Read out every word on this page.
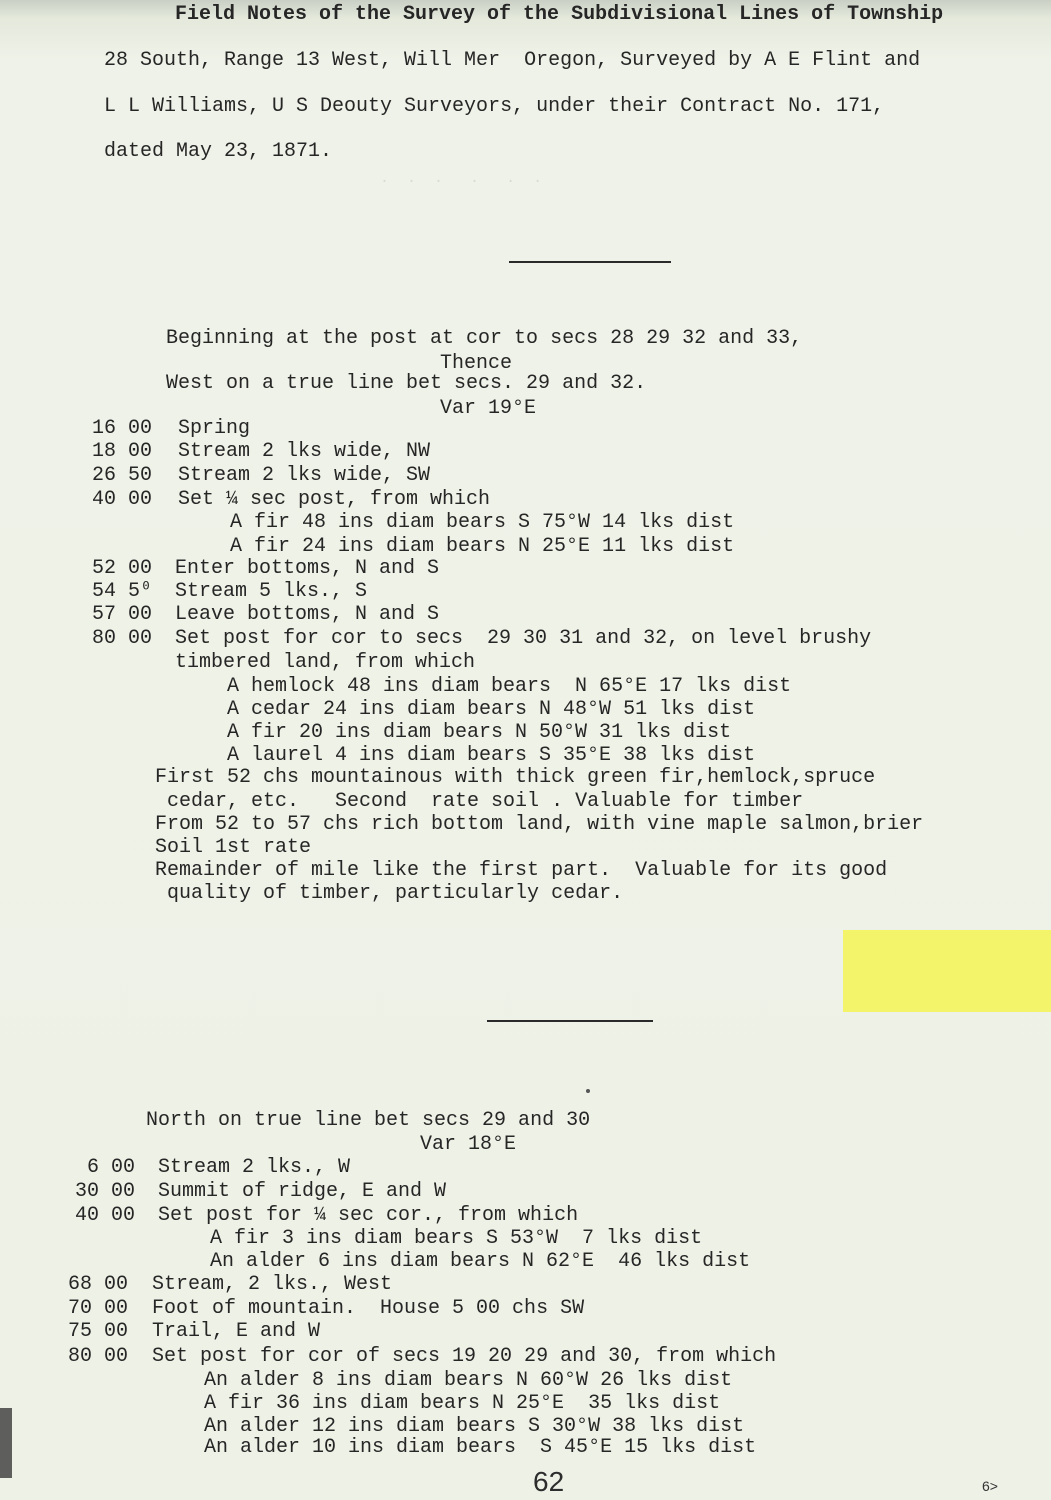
.  .  .   .   .  .
Field Notes of the Survey of the Subdivisional Lines of Township
28 South, Range 13 West, Will Mer  Oregon, Surveyed by A E Flint and
L L Williams, U S Deouty Surveyors, under their Contract No. 171,
dated May 23, 1871.
Beginning at the post at cor to secs 28 29 32 and 33,
Thence
West on a true line bet secs. 29 and 32.
Var 19°E
16 00 Spring
18 00 Stream 2 lks wide, NW
26 50 Stream 2 lks wide, SW
40 00 Set ¼ sec post, from which
A fir 48 ins diam bears S 75°W 14 lks dist
A fir 24 ins diam bears N 25°E 11 lks dist
52 00 Enter bottoms, N and S
54 5⁰ Stream 5 lks., S
57 00 Leave bottoms, N and S
80 00 Set post for cor to secs  29 30 31 and 32, on level brushy
timbered land, from which
A hemlock 48 ins diam bears  N 65°E 17 lks dist
A cedar 24 ins diam bears N 48°W 51 lks dist
A fir 20 ins diam bears N 50°W 31 lks dist
A laurel 4 ins diam bears S 35°E 38 lks dist
First 52 chs mountainous with thick green fir,hemlock,spruce
cedar, etc.   Second  rate soil . Valuable for timber
From 52 to 57 chs rich bottom land, with vine maple salmon,brier
Soil 1st rate
Remainder of mile like the first part.  Valuable for its good
quality of timber, particularly cedar.
North on true line bet secs 29 and 30
Var 18°E
6 00 Stream 2 lks., W
30 00 Summit of ridge, E and W
40 00 Set post for ¼ sec cor., from which
A fir 3 ins diam bears S 53°W  7 lks dist
An alder 6 ins diam bears N 62°E  46 lks dist
68 00 Stream, 2 lks., West
70 00 Foot of mountain.  House 5 00 chs SW
75 00 Trail, E and W
80 00 Set post for cor of secs 19 20 29 and 30, from which
An alder 8 ins diam bears N 60°W 26 lks dist
A fir 36 ins diam bears N 25°E  35 lks dist
An alder 12 ins diam bears S 30°W 38 lks dist
An alder 10 ins diam bears  S 45°E 15 lks dist
62	6>
